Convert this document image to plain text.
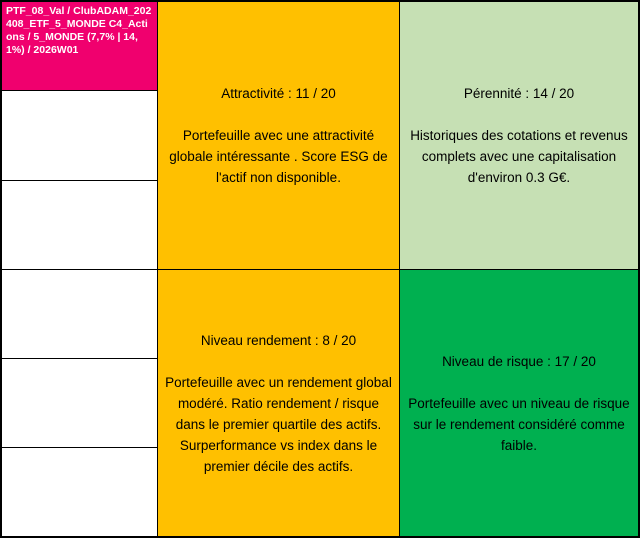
PTF_08_Val / ClubADAM_202408_ETF_5_MONDE C4_Actions / 5_MONDE (7,7% | 14,1%) / 2026W01
Attractivité : 11 / 20
Portefeuille avec une attractivité globale intéressante . Score ESG de l'actif non disponible.
Pérennité : 14 / 20
Historiques des cotations et revenus complets avec une capitalisation d'environ 0.3 G€.
Niveau rendement : 8 / 20
Portefeuille avec un rendement global modéré. Ratio rendement / risque dans le premier quartile des actifs. Surperformance vs index dans le premier décile des actifs.
Niveau de risque : 17 / 20
Portefeuille avec un niveau de risque sur le rendement considéré comme faible.
